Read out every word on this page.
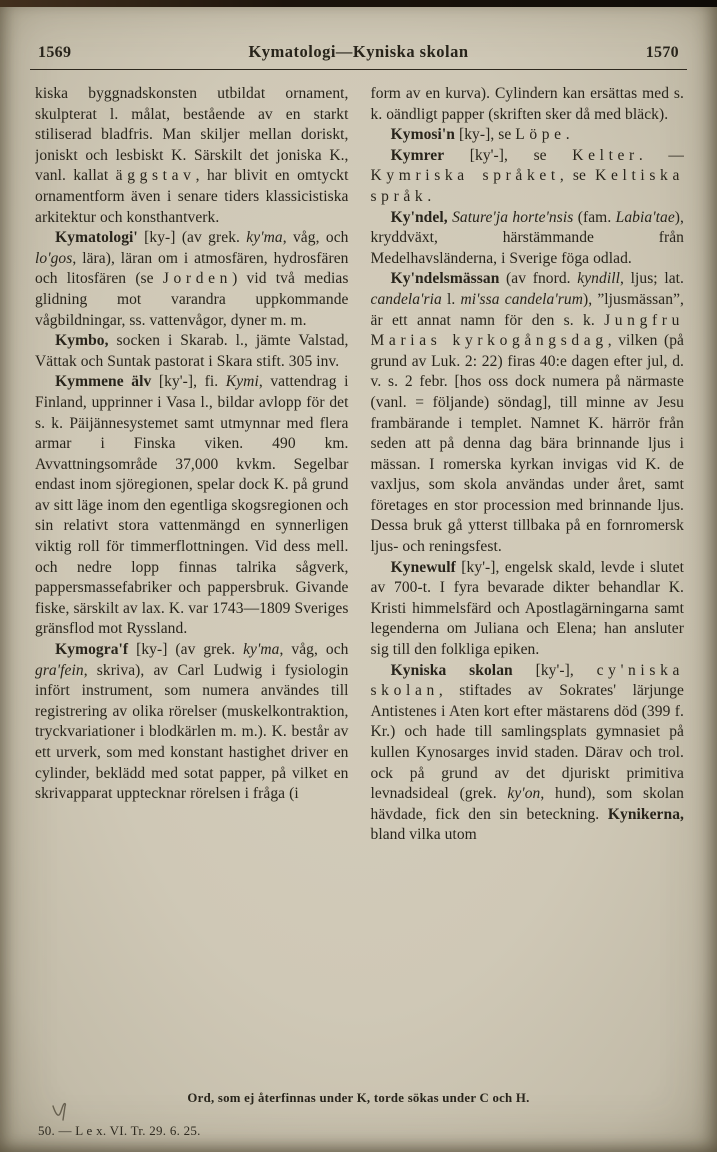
1569	Kymatologi—Kyniska skolan	1570

kiska byggnadskonsten utbildat ornament, skulpterat l. målat, bestående av en starkt stiliserad bladfris. Man skiljer mellan doriskt, joniskt och lesbiskt K. Särskilt det joniska K., vanl. kallat äggstav, har blivit en omtyckt ornamentform även i senare tiders klassicistiska arkitektur och konsthantverk.

Kymatologi' [ky-] (av grek. ky'ma, våg, och lo'gos, lära), läran om i atmosfären, hydrosfären och litosfären (se Jorden) vid två medias glidning mot varandra uppkommande vågbildningar, ss. vattenvågor, dyner m. m.

Kymbo, socken i Skarab. l., jämte Valstad, Vättak och Suntak pastorat i Skara stift. 305 inv.

Kymmene älv [ky'-], fi. Kymi, vattendrag i Finland, upprinner i Vasa l., bildar avlopp för det s. k. Päijännesystemet samt utmynnar med flera armar i Finska viken. 490 km. Avvattningsområde 37,000 kvkm. Segelbar endast inom sjöregionen, spelar dock K. på grund av sitt läge inom den egentliga skogsregionen och sin relativt stora vattenmängd en synnerligen viktig roll för timmerflottningen. Vid dess mell. och nedre lopp finnas talrika sågverk, pappersmassefabriker och pappersbruk. Givande fiske, särskilt av lax. K. var 1743—1809 Sveriges gränsflod mot Ryssland.

Kymogra'f [ky-] (av grek. ky'ma, våg, och gra'fein, skriva), av Carl Ludwig i fysiologin infört instrument, som numera användes till registrering av olika rörelser (muskelkontraktion, tryckvariationer i blodkärlen m. m.). K. består av ett urverk, som med konstant hastighet driver en cylinder, beklädd med sotat papper, på vilket en skrivapparat upptecknar rörelsen i fråga (i

form av en kurva). Cylindern kan ersättas med s. k. oändligt papper (skriften sker då med bläck).

Kymosi'n [ky-], se Löpe.

Kymrer [ky'-], se Kelter. — Kymriska språket, se Keltiska språk.

Ky'ndel, Sature'ja horte'nsis (fam. Labia'tae), kryddväxt, härstämmande från Medelhavsländerna, i Sverige föga odlad.

Ky'ndelsmässan (av fnord. kyndill, ljus; lat. candela'ria l. mi'ssa candela'rum), ”ljusmässan”, är ett annat namn för den s. k. Jungfru Marias kyrkogångsdag, vilken (på grund av Luk. 2: 22) firas 40:e dagen efter jul, d. v. s. 2 febr. [hos oss dock numera på närmaste (vanl. = följande) söndag], till minne av Jesu frambärande i templet. Namnet K. härrör från seden att på denna dag bära brinnande ljus i mässan. I romerska kyrkan invigas vid K. de vaxljus, som skola användas under året, samt företages en stor procession med brinnande ljus. Dessa bruk gå ytterst tillbaka på en fornromersk ljus- och reningsfest.

Kynewulf [ky'-], engelsk skald, levde i slutet av 700-t. I fyra bevarade dikter behandlar K. Kristi himmelsfärd och Apostlagärningarna samt legenderna om Juliana och Elena; han ansluter sig till den folkliga epiken.

Kyniska skolan [ky'-], cy'niska skolan, stiftades av Sokrates' lärjunge Antistenes i Aten kort efter mästarens död (399 f. Kr.) och hade till samlingsplats gymnasiet på kullen Kynosarges invid staden. Därav och trol. ock på grund av det djuriskt primitiva levnadsideal (grek. ky'on, hund), som skolan hävdade, fick den sin beteckning. Kynikerna, bland vilka utom

Ord, som ej återfinnas under K, torde sökas under C och H.
50. — L e x. VI. Tr. 29. 6. 25.
